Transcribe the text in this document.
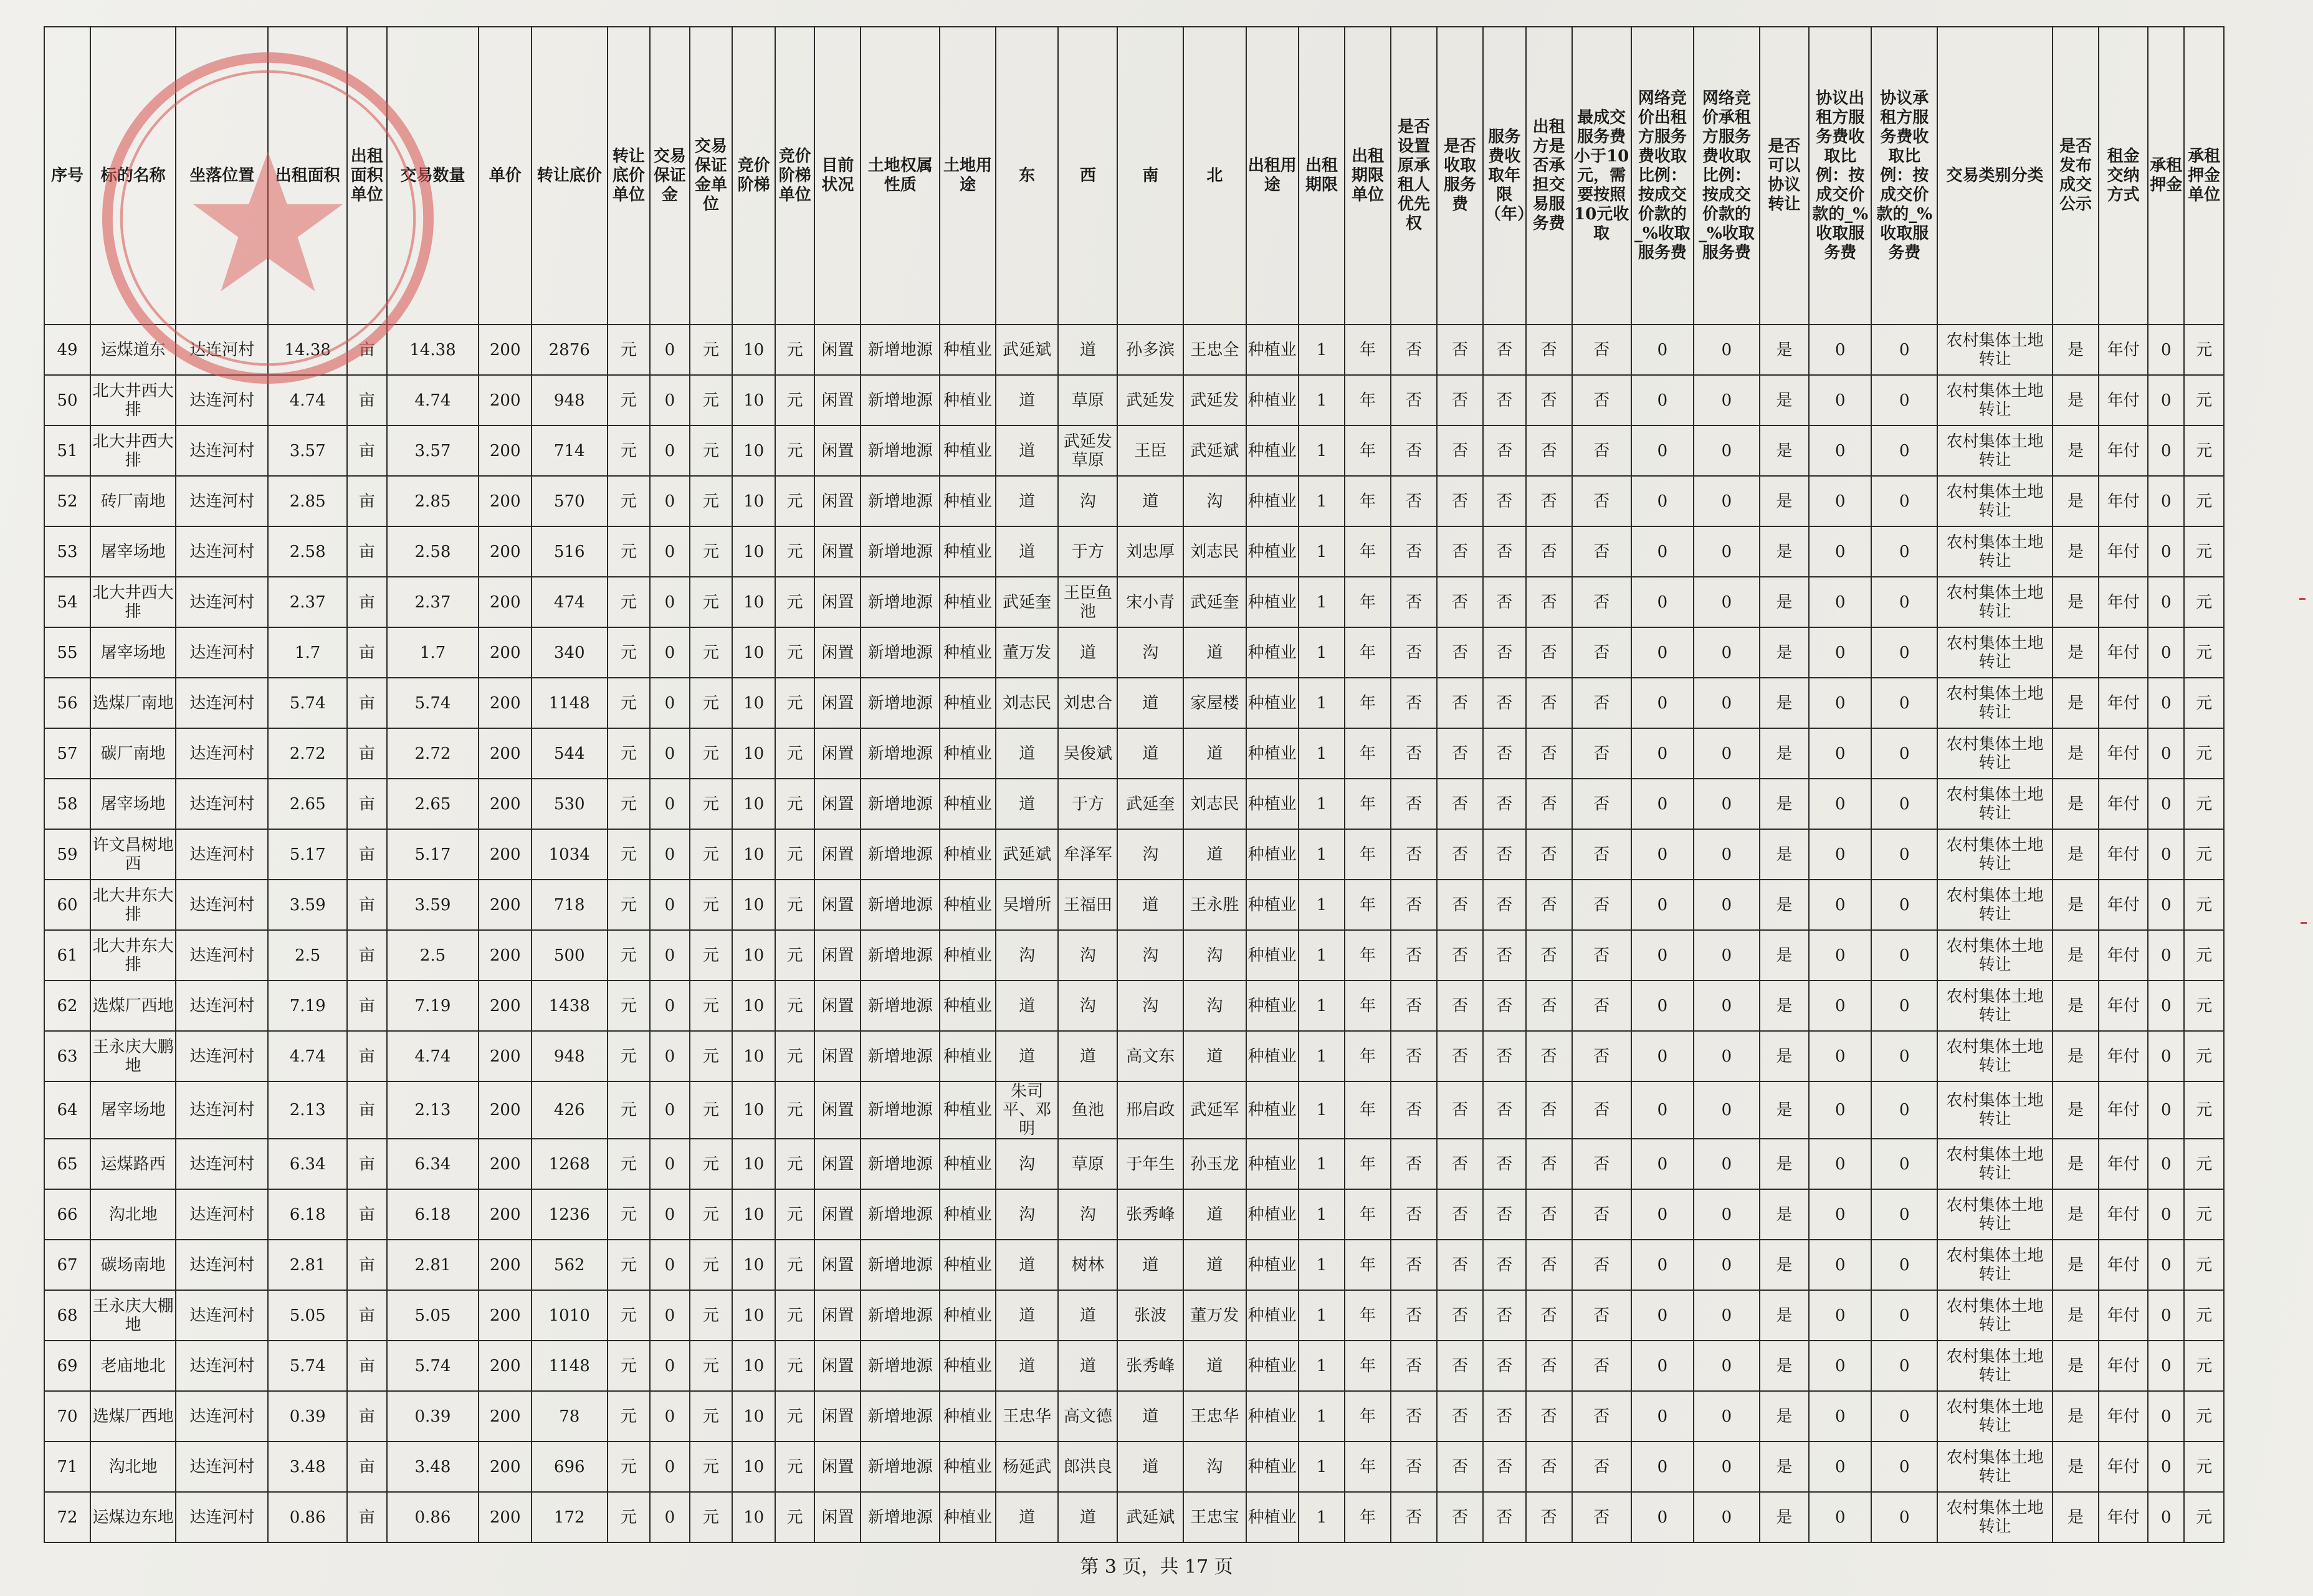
序号	标的名称	坐落位置	出租面积	出租面积单位	交易数量	单价	转让底价	转让底价单位	交易保证金	交易保证金单位	竞价阶梯	竞价阶梯单位	目前状况	土地权属性质	土地用途	东	西	南	北	出租用途	出租期限	出租期限单位	是否设置原承租人优先权	是否收取服务费	服务费收取年限（年）	出租方是否承担交易服务费	最成交服务费小于10元，需要按照10元收取	网络竞价出租方服务费收取比例：按成交价款的_%收取服务费	网络竞价承租方服务费收取比例：按成交价款的_%收取服务费	是否可以协议转让	协议出租方服务费收取比例：按成交价款的_%收取服务费	协议承租方服务费收取比例：按成交价款的_%收取服务费	交易类别分类	是否发布成交公示	租金交纳方式	承租押金	承租押金单位
49	运煤道东	达连河村	14.38	亩	14.38	200	2876	元	0	元	10	元	闲置	新增地源	种植业	武延斌	道	孙多滨	王忠全	种植业	1	年	否	否	否	否	否	0	0	是	0	0	农村集体土地转让	是	年付	0	元
50	北大井西大排	达连河村	4.74	亩	4.74	200	948	元	0	元	10	元	闲置	新增地源	种植业	道	草原	武延发	武延发	种植业	1	年	否	否	否	否	否	0	0	是	0	0	农村集体土地转让	是	年付	0	元
51	北大井西大排	达连河村	3.57	亩	3.57	200	714	元	0	元	10	元	闲置	新增地源	种植业	道	武延发草原	王臣	武延斌	种植业	1	年	否	否	否	否	否	0	0	是	0	0	农村集体土地转让	是	年付	0	元
52	砖厂南地	达连河村	2.85	亩	2.85	200	570	元	0	元	10	元	闲置	新增地源	种植业	道	沟	道	沟	种植业	1	年	否	否	否	否	否	0	0	是	0	0	农村集体土地转让	是	年付	0	元
53	屠宰场地	达连河村	2.58	亩	2.58	200	516	元	0	元	10	元	闲置	新增地源	种植业	道	于方	刘忠厚	刘志民	种植业	1	年	否	否	否	否	否	0	0	是	0	0	农村集体土地转让	是	年付	0	元
54	北大井西大排	达连河村	2.37	亩	2.37	200	474	元	0	元	10	元	闲置	新增地源	种植业	武延奎	王臣鱼池	宋小青	武延奎	种植业	1	年	否	否	否	否	否	0	0	是	0	0	农村集体土地转让	是	年付	0	元
55	屠宰场地	达连河村	1.7	亩	1.7	200	340	元	0	元	10	元	闲置	新增地源	种植业	董万发	道	沟	道	种植业	1	年	否	否	否	否	否	0	0	是	0	0	农村集体土地转让	是	年付	0	元
56	选煤厂南地	达连河村	5.74	亩	5.74	200	1148	元	0	元	10	元	闲置	新增地源	种植业	刘志民	刘忠合	道	家屋楼	种植业	1	年	否	否	否	否	否	0	0	是	0	0	农村集体土地转让	是	年付	0	元
57	碳厂南地	达连河村	2.72	亩	2.72	200	544	元	0	元	10	元	闲置	新增地源	种植业	道	吴俊斌	道	道	种植业	1	年	否	否	否	否	否	0	0	是	0	0	农村集体土地转让	是	年付	0	元
58	屠宰场地	达连河村	2.65	亩	2.65	200	530	元	0	元	10	元	闲置	新增地源	种植业	道	于方	武延奎	刘志民	种植业	1	年	否	否	否	否	否	0	0	是	0	0	农村集体土地转让	是	年付	0	元
59	许文昌树地西	达连河村	5.17	亩	5.17	200	1034	元	0	元	10	元	闲置	新增地源	种植业	武延斌	牟泽军	沟	道	种植业	1	年	否	否	否	否	否	0	0	是	0	0	农村集体土地转让	是	年付	0	元
60	北大井东大排	达连河村	3.59	亩	3.59	200	718	元	0	元	10	元	闲置	新增地源	种植业	吴增所	王福田	道	王永胜	种植业	1	年	否	否	否	否	否	0	0	是	0	0	农村集体土地转让	是	年付	0	元
61	北大井东大排	达连河村	2.5	亩	2.5	200	500	元	0	元	10	元	闲置	新增地源	种植业	沟	沟	沟	沟	种植业	1	年	否	否	否	否	否	0	0	是	0	0	农村集体土地转让	是	年付	0	元
62	选煤厂西地	达连河村	7.19	亩	7.19	200	1438	元	0	元	10	元	闲置	新增地源	种植业	道	沟	沟	沟	种植业	1	年	否	否	否	否	否	0	0	是	0	0	农村集体土地转让	是	年付	0	元
63	王永庆大鹏地	达连河村	4.74	亩	4.74	200	948	元	0	元	10	元	闲置	新增地源	种植业	道	道	高文东	道	种植业	1	年	否	否	否	否	否	0	0	是	0	0	农村集体土地转让	是	年付	0	元
64	屠宰场地	达连河村	2.13	亩	2.13	200	426	元	0	元	10	元	闲置	新增地源	种植业	朱司平、邓明	鱼池	邢启政	武延军	种植业	1	年	否	否	否	否	否	0	0	是	0	0	农村集体土地转让	是	年付	0	元
65	运煤路西	达连河村	6.34	亩	6.34	200	1268	元	0	元	10	元	闲置	新增地源	种植业	沟	草原	于年生	孙玉龙	种植业	1	年	否	否	否	否	否	0	0	是	0	0	农村集体土地转让	是	年付	0	元
66	沟北地	达连河村	6.18	亩	6.18	200	1236	元	0	元	10	元	闲置	新增地源	种植业	沟	沟	张秀峰	道	种植业	1	年	否	否	否	否	否	0	0	是	0	0	农村集体土地转让	是	年付	0	元
67	碳场南地	达连河村	2.81	亩	2.81	200	562	元	0	元	10	元	闲置	新增地源	种植业	道	树林	道	道	种植业	1	年	否	否	否	否	否	0	0	是	0	0	农村集体土地转让	是	年付	0	元
68	王永庆大棚地	达连河村	5.05	亩	5.05	200	1010	元	0	元	10	元	闲置	新增地源	种植业	道	道	张波	董万发	种植业	1	年	否	否	否	否	否	0	0	是	0	0	农村集体土地转让	是	年付	0	元
69	老庙地北	达连河村	5.74	亩	5.74	200	1148	元	0	元	10	元	闲置	新增地源	种植业	道	道	张秀峰	道	种植业	1	年	否	否	否	否	否	0	0	是	0	0	农村集体土地转让	是	年付	0	元
70	选煤厂西地	达连河村	0.39	亩	0.39	200	78	元	0	元	10	元	闲置	新增地源	种植业	王忠华	高文德	道	王忠华	种植业	1	年	否	否	否	否	否	0	0	是	0	0	农村集体土地转让	是	年付	0	元
71	沟北地	达连河村	3.48	亩	3.48	200	696	元	0	元	10	元	闲置	新增地源	种植业	杨延武	郎洪良	道	沟	种植业	1	年	否	否	否	否	否	0	0	是	0	0	农村集体土地转让	是	年付	0	元
72	运煤边东地	达连河村	0.86	亩	0.86	200	172	元	0	元	10	元	闲置	新增地源	种植业	道	道	武延斌	王忠宝	种植业	1	年	否	否	否	否	否	0	0	是	0	0	农村集体土地转让	是	年付	0	元
第 3 页，共 17 页
